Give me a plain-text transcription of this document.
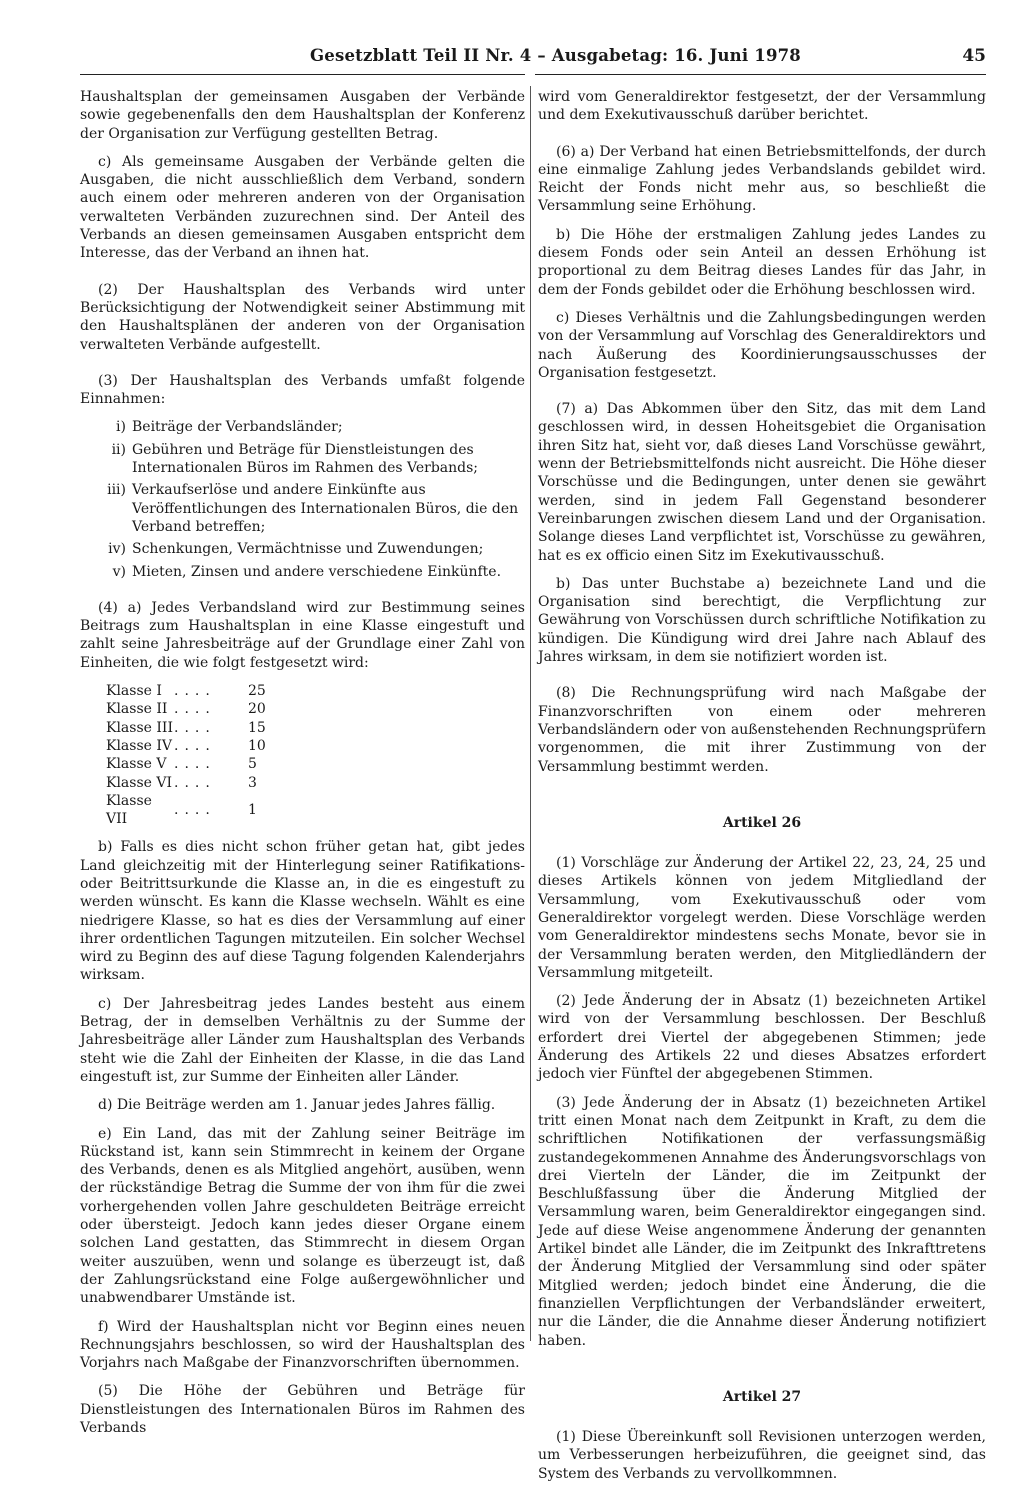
Gesetzblatt Teil II Nr. 4 – Ausgabetag: 16. Juni 1978	45

Haushaltsplan der gemeinsamen Ausgaben der Verbände sowie gegebenenfalls den dem Haushaltsplan der Konferenz der Organisation zur Verfügung gestellten Betrag.

c) Als gemeinsame Ausgaben der Verbände gelten die Ausgaben, die nicht ausschließlich dem Verband, sondern auch einem oder mehreren anderen von der Organisation verwalteten Verbänden zuzurechnen sind. Der Anteil des Verbands an diesen gemeinsamen Ausgaben entspricht dem Interesse, das der Verband an ihnen hat.

(2) Der Haushaltsplan des Verbands wird unter Berücksichtigung der Notwendigkeit seiner Abstimmung mit den Haushaltsplänen der anderen von der Organisation verwalteten Verbände aufgestellt.

(3) Der Haushaltsplan des Verbands umfaßt folgende Einnahmen:

i) Beiträge der Verbandsländer;
ii) Gebühren und Beträge für Dienstleistungen des Internationalen Büros im Rahmen des Verbands;
iii) Verkaufserlöse und andere Einkünfte aus Veröffentlichungen des Internationalen Büros, die den Verband betreffen;
iv) Schenkungen, Vermächtnisse und Zuwendungen;
v) Mieten, Zinsen und andere verschiedene Einkünfte.

(4) a) Jedes Verbandsland wird zur Bestimmung seines Beitrags zum Haushaltsplan in eine Klasse eingestuft und zahlt seine Jahresbeiträge auf der Grundlage einer Zahl von Einheiten, die wie folgt festgesetzt wird:

Klasse I	....	25
Klasse II	....	20
Klasse III	....	15
Klasse IV	....	10
Klasse V	....	5
Klasse VI	....	3
Klasse VII	....	1

b) Falls es dies nicht schon früher getan hat, gibt jedes Land gleichzeitig mit der Hinterlegung seiner Ratifikations- oder Beitrittsurkunde die Klasse an, in die es eingestuft zu werden wünscht. Es kann die Klasse wechseln. Wählt es eine niedrigere Klasse, so hat es dies der Versammlung auf einer ihrer ordentlichen Tagungen mitzuteilen. Ein solcher Wechsel wird zu Beginn des auf diese Tagung folgenden Kalenderjahrs wirksam.

c) Der Jahresbeitrag jedes Landes besteht aus einem Betrag, der in demselben Verhältnis zu der Summe der Jahresbeiträge aller Länder zum Haushaltsplan des Verbands steht wie die Zahl der Einheiten der Klasse, in die das Land eingestuft ist, zur Summe der Einheiten aller Länder.

d) Die Beiträge werden am 1. Januar jedes Jahres fällig.

e) Ein Land, das mit der Zahlung seiner Beiträge im Rückstand ist, kann sein Stimmrecht in keinem der Organe des Verbands, denen es als Mitglied angehört, ausüben, wenn der rückständige Betrag die Summe der von ihm für die zwei vorhergehenden vollen Jahre geschuldeten Beiträge erreicht oder übersteigt. Jedoch kann jedes dieser Organe einem solchen Land gestatten, das Stimmrecht in diesem Organ weiter auszuüben, wenn und solange es überzeugt ist, daß der Zahlungsrückstand eine Folge außergewöhnlicher und unabwendbarer Umstände ist.

f) Wird der Haushaltsplan nicht vor Beginn eines neuen Rechnungsjahrs beschlossen, so wird der Haushaltsplan des Vorjahrs nach Maßgabe der Finanzvorschriften übernommen.

(5) Die Höhe der Gebühren und Beträge für Dienstleistungen des Internationalen Büros im Rahmen des Verbands

wird vom Generaldirektor festgesetzt, der der Versammlung und dem Exekutivausschuß darüber berichtet.

(6) a) Der Verband hat einen Betriebsmittelfonds, der durch eine einmalige Zahlung jedes Verbandslands gebildet wird. Reicht der Fonds nicht mehr aus, so beschließt die Versammlung seine Erhöhung.

b) Die Höhe der erstmaligen Zahlung jedes Landes zu diesem Fonds oder sein Anteil an dessen Erhöhung ist proportional zu dem Beitrag dieses Landes für das Jahr, in dem der Fonds gebildet oder die Erhöhung beschlossen wird.

c) Dieses Verhältnis und die Zahlungsbedingungen werden von der Versammlung auf Vorschlag des Generaldirektors und nach Äußerung des Koordinierungsausschusses der Organisation festgesetzt.

(7) a) Das Abkommen über den Sitz, das mit dem Land geschlossen wird, in dessen Hoheitsgebiet die Organisation ihren Sitz hat, sieht vor, daß dieses Land Vorschüsse gewährt, wenn der Betriebsmittelfonds nicht ausreicht. Die Höhe dieser Vorschüsse und die Bedingungen, unter denen sie gewährt werden, sind in jedem Fall Gegenstand besonderer Vereinbarungen zwischen diesem Land und der Organisation. Solange dieses Land verpflichtet ist, Vorschüsse zu gewähren, hat es ex officio einen Sitz im Exekutivausschuß.

b) Das unter Buchstabe a) bezeichnete Land und die Organisation sind berechtigt, die Verpflichtung zur Gewährung von Vorschüssen durch schriftliche Notifikation zu kündigen. Die Kündigung wird drei Jahre nach Ablauf des Jahres wirksam, in dem sie notifiziert worden ist.

(8) Die Rechnungsprüfung wird nach Maßgabe der Finanzvorschriften von einem oder mehreren Verbandsländern oder von außenstehenden Rechnungsprüfern vorgenommen, die mit ihrer Zustimmung von der Versammlung bestimmt werden.

Artikel 26

(1) Vorschläge zur Änderung der Artikel 22, 23, 24, 25 und dieses Artikels können von jedem Mitgliedland der Versammlung, vom Exekutivausschuß oder vom Generaldirektor vorgelegt werden. Diese Vorschläge werden vom Generaldirektor mindestens sechs Monate, bevor sie in der Versammlung beraten werden, den Mitgliedländern der Versammlung mitgeteilt.

(2) Jede Änderung der in Absatz (1) bezeichneten Artikel wird von der Versammlung beschlossen. Der Beschluß erfordert drei Viertel der abgegebenen Stimmen; jede Änderung des Artikels 22 und dieses Absatzes erfordert jedoch vier Fünftel der abgegebenen Stimmen.

(3) Jede Änderung der in Absatz (1) bezeichneten Artikel tritt einen Monat nach dem Zeitpunkt in Kraft, zu dem die schriftlichen Notifikationen der verfassungsmäßig zustandegekommenen Annahme des Änderungsvorschlags von drei Vierteln der Länder, die im Zeitpunkt der Beschlußfassung über die Änderung Mitglied der Versammlung waren, beim Generaldirektor eingegangen sind. Jede auf diese Weise angenommene Änderung der genannten Artikel bindet alle Länder, die im Zeitpunkt des Inkrafttretens der Änderung Mitglied der Versammlung sind oder später Mitglied werden; jedoch bindet eine Änderung, die die finanziellen Verpflichtungen der Verbandsländer erweitert, nur die Länder, die die Annahme dieser Änderung notifiziert haben.

Artikel 27

(1) Diese Übereinkunft soll Revisionen unterzogen werden, um Verbesserungen herbeizuführen, die geeignet sind, das System des Verbands zu vervollkommnen.
